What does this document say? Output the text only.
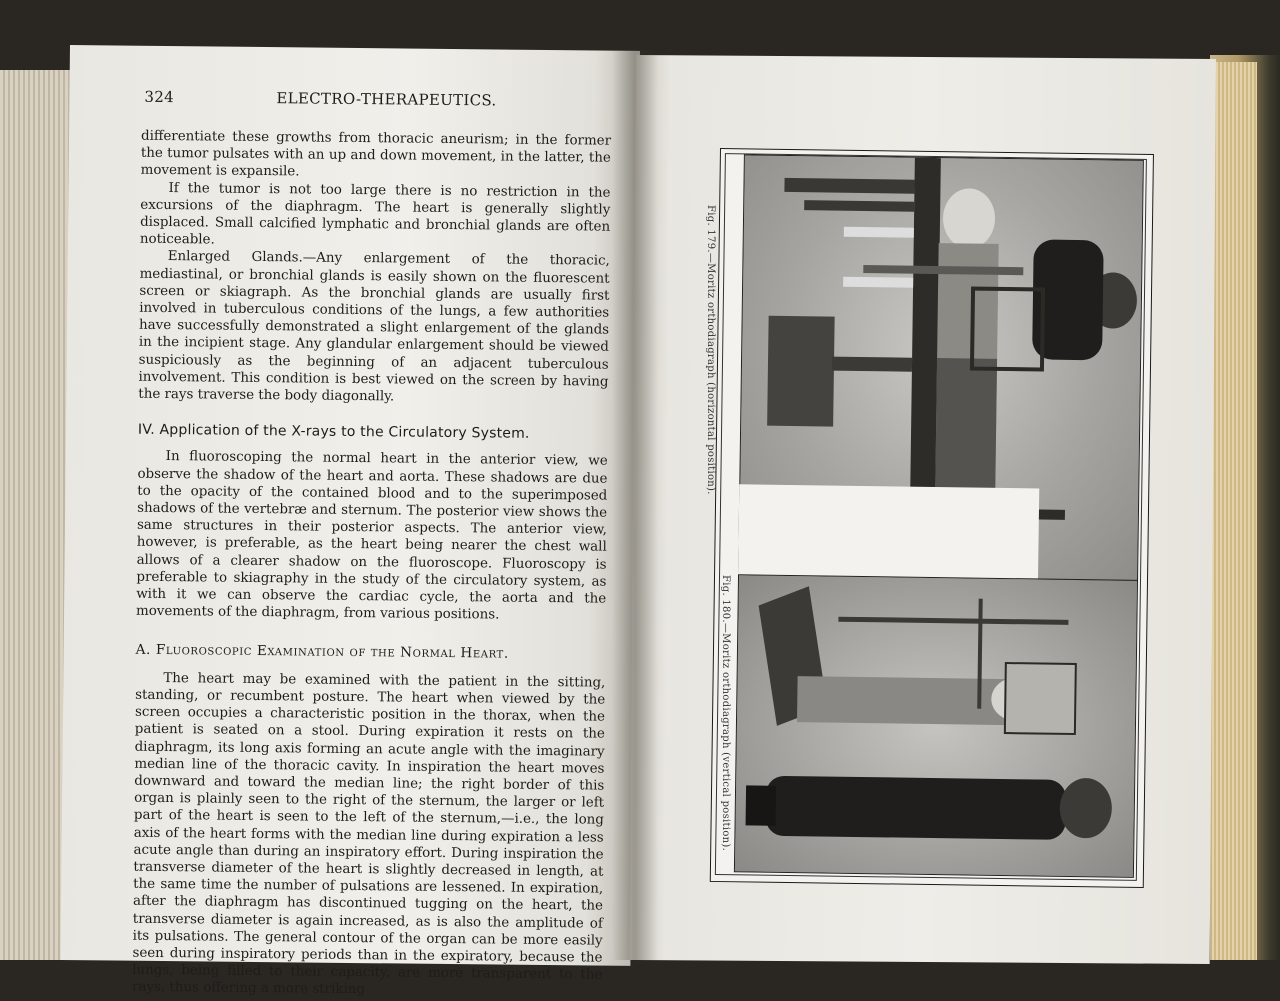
324	ELECTRO-THERAPEUTICS.

differentiate these growths from thoracic aneurism; in the former the tumor pulsates with an up and down movement, in the latter, the movement is expansile.

If the tumor is not too large there is no restriction in the excursions of the diaphragm. The heart is generally slightly displaced. Small calcified lymphatic and bronchial glands are often noticeable.

Enlarged Glands.—Any enlargement of the thoracic, mediastinal, or bronchial glands is easily shown on the fluorescent screen or skiagraph. As the bronchial glands are usually first involved in tuberculous conditions of the lungs, a few authorities have successfully demonstrated a slight enlargement of the glands in the incipient stage. Any glandular enlargement should be viewed suspiciously as the beginning of an adjacent tuberculous involvement. This condition is best viewed on the screen by having the rays traverse the body diagonally.

IV. Application of the X-rays to the Circulatory System.

In fluoroscoping the normal heart in the anterior view, we observe the shadow of the heart and aorta. These shadows are due to the opacity of the contained blood and to the superimposed shadows of the vertebræ and sternum. The posterior view shows the same structures in their posterior aspects. The anterior view, however, is preferable, as the heart being nearer the chest wall allows of a clearer shadow on the fluoroscope. Fluoroscopy is preferable to skiagraphy in the study of the circulatory system, as with it we can observe the cardiac cycle, the aorta and the movements of the diaphragm, from various positions.

A. Fluoroscopic Examination of the Normal Heart.

The heart may be examined with the patient in the sitting, standing, or recumbent posture. The heart when viewed by the screen occupies a characteristic position in the thorax, when the patient is seated on a stool. During expiration it rests on the diaphragm, its long axis forming an acute angle with the imaginary median line of the thoracic cavity. In inspiration the heart moves downward and toward the median line; the right border of this organ is plainly seen to the right of the sternum, the larger or left part of the heart is seen to the left of the sternum,—i.e., the long axis of the heart forms with the median line during expiration a less acute angle than during an inspiratory effort. During inspiration the transverse diameter of the heart is slightly decreased in length, at the same time the number of pulsations are lessened. In expiration, after the diaphragm has discontinued tugging on the heart, the transverse diameter is again increased, as is also the amplitude of its pulsations. The general contour of the organ can be more easily seen during inspiratory periods than in the expiratory, because the lungs, being filled to their capacity, are more transparent to the rays, thus offering a more striking

Fig. 179.—Moritz orthodiagraph (horizontal position).
Fig. 180.—Moritz orthodiagraph (vertical position).
